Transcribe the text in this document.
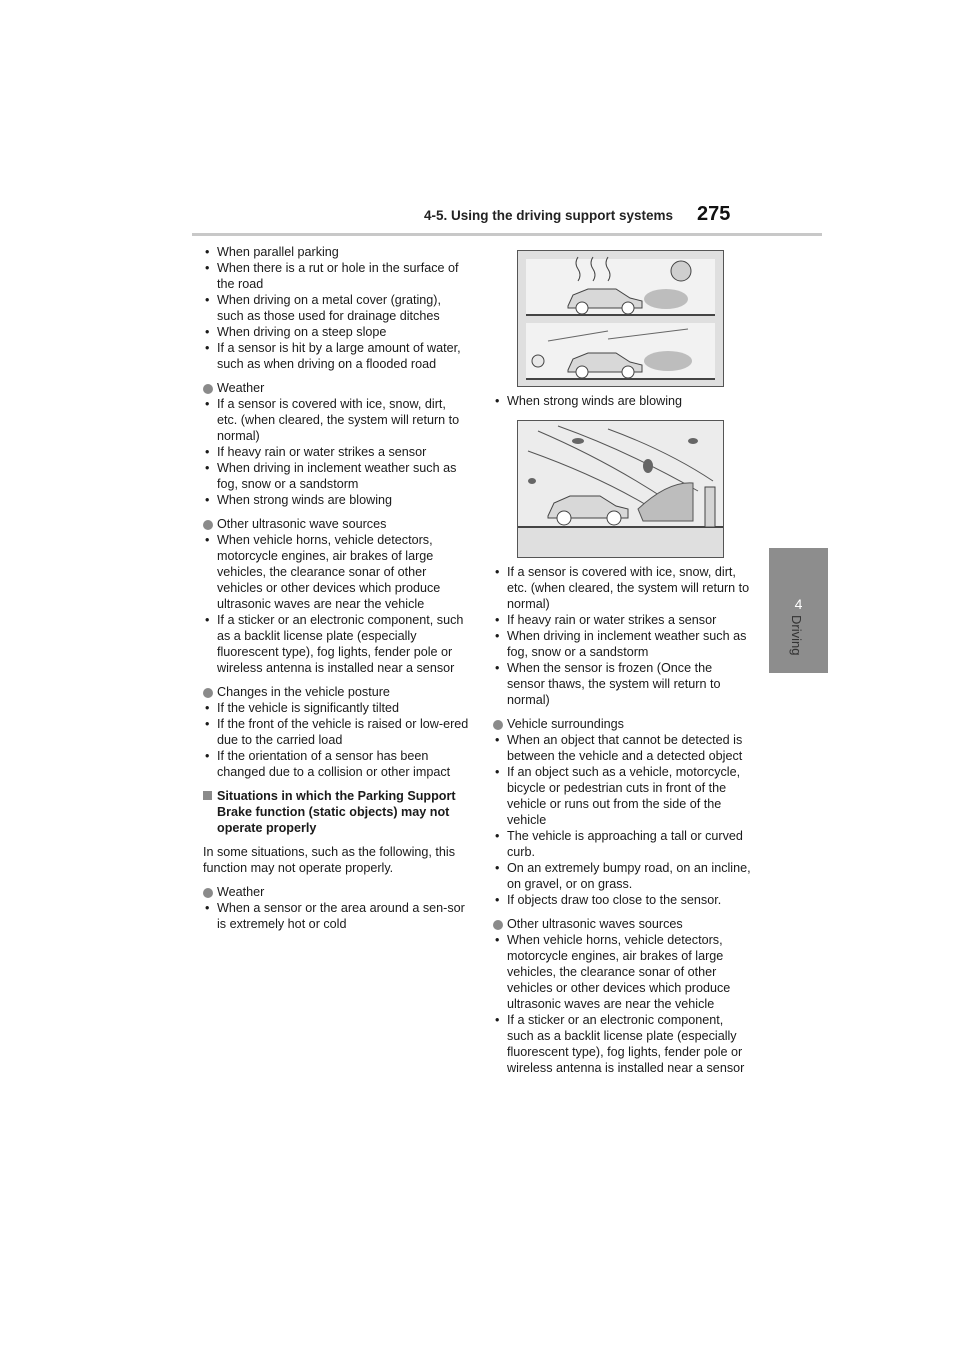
4-5. Using the driving support systems 275
4
Driving
• When parallel parking
• When there is a rut or hole in the surface of the road
• When driving on a metal cover (grating), such as those used for drainage ditches
• When driving on a steep slope
• If a sensor is hit by a large amount of water, such as when driving on a flooded road
Weather
• If a sensor is covered with ice, snow, dirt, etc. (when cleared, the system will return to normal)
• If heavy rain or water strikes a sensor
• When driving in inclement weather such as fog, snow or a sandstorm
• When strong winds are blowing
Other ultrasonic wave sources
• When vehicle horns, vehicle detectors, motorcycle engines, air brakes of large vehicles, the clearance sonar of other vehicles or other devices which produce ultrasonic waves are near the vehicle
• If a sticker or an electronic component, such as a backlit license plate (especially fluorescent type), fog lights, fender pole or wireless antenna is installed near a sensor
Changes in the vehicle posture
• If the vehicle is significantly tilted
• If the front of the vehicle is raised or low-ered due to the carried load
• If the orientation of a sensor has been changed due to a collision or other impact
Situations in which the Parking Support Brake function (static objects) may not operate properly
In some situations, such as the following, this function may not operate properly.
Weather
• When a sensor or the area around a sen-sor is extremely hot or cold
• When strong winds are blowing
• If a sensor is covered with ice, snow, dirt, etc. (when cleared, the system will return to normal)
• If heavy rain or water strikes a sensor
• When driving in inclement weather such as fog, snow or a sandstorm
• When the sensor is frozen (Once the sensor thaws, the system will return to normal)
Vehicle surroundings
• When an object that cannot be detected is between the vehicle and a detected object
• If an object such as a vehicle, motorcycle, bicycle or pedestrian cuts in front of the vehicle or runs out from the side of the vehicle
• The vehicle is approaching a tall or curved curb.
• On an extremely bumpy road, on an incline, on gravel, or on grass.
• If objects draw too close to the sensor.
Other ultrasonic waves sources
• When vehicle horns, vehicle detectors, motorcycle engines, air brakes of large vehicles, the clearance sonar of other vehicles or other devices which produce ultrasonic waves are near the vehicle
• If a sticker or an electronic component, such as a backlit license plate (especially fluorescent type), fog lights, fender pole or wireless antenna is installed near a sensor
